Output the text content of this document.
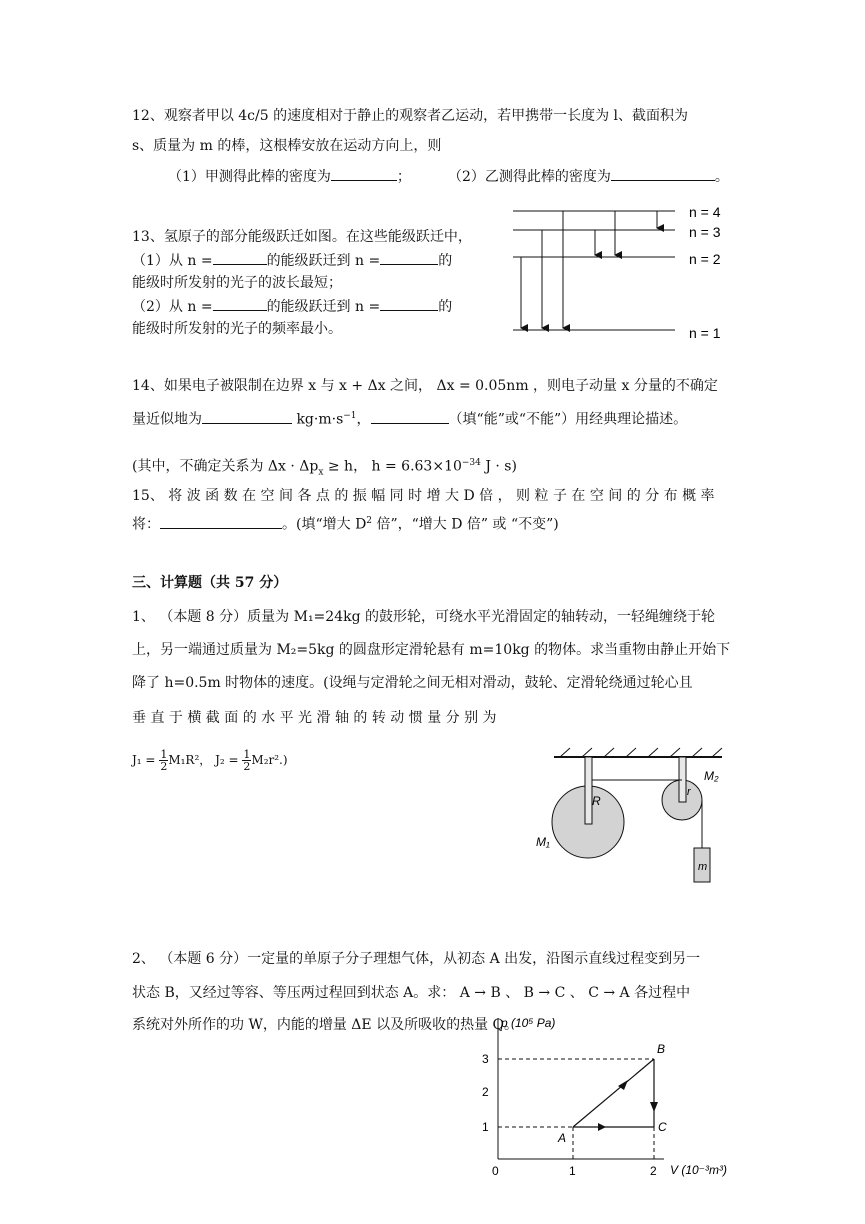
12、观察者甲以 4c/5 的速度相对于静止的观察者乙运动，若甲携带一长度为 l、截面积为
s、质量为 m 的棒，这根棒安放在运动方向上，则
（1）甲测得此棒的密度为	；	（2）乙测得此棒的密度为	。
13、氢原子的部分能级跃迁如图。在这些能级跃迁中，
（1）从 n =	的能级跃迁到 n =	的
能级时所发射的光子的波长最短；
（2）从 n =	的能级跃迁到 n =	的
能级时所发射的光子的频率最小。
n = 4
n = 3
n = 2
n = 1
14、如果电子被限制在边界 x 与 x + Δx 之间， Δx = 0.05nm ，则电子动量 x 分量的不确定
量近似地为	$kg\cdot m\cdot s^{-1}$，	（填“能”或“不能”）用经典理论描述。
(其中，不确定关系为 $\Delta x \cdot \Delta p_x \ge h$， $h = 6.63\times 10^{-34}$ J · s)
15、 将 波 函 数 在 空 间 各 点 的 振 幅 同 时 增 大 D 倍 ， 则 粒 子 在 空 间 的 分 布 概 率
将：	。(填“增大 $D^2$ 倍”，“增大 D 倍” 或 “不变”)
三、计算题（共 57 分）
1、 （本题 8 分）质量为 M₁=24kg 的鼓形轮，可绕水平光滑固定的轴转动，一轻绳缠绕于轮
上，另一端通过质量为 M₂=5kg 的圆盘形定滑轮悬有 m=10kg 的物体。求当重物由静止开始下
降了 h=0.5m 时物体的速度。(设绳与定滑轮之间无相对滑动，鼓轮、定滑轮绕通过轮心且
垂 直 于 横 截 面 的 水 平 光 滑 轴 的 转 动 惯 量 分 别 为
$J_1 = \frac{1}{2} M_1R^2$， $J_2 = \frac{1}{2} M_2r^2$.)
R
r
M₁
M₂
m
2、 （本题 6 分）一定量的单原子分子理想气体，从初态 A 出发，沿图示直线过程变到另一
状态 B，又经过等容、等压两过程回到状态 A。求： A → B 、 B → C 、 C → A 各过程中
系统对外所作的功 W，内能的增量 ΔE 以及所吸收的热量 Q。
p (10⁵ Pa)
V (10⁻³m³)
0
1
2
3
1	2
A
B
C
